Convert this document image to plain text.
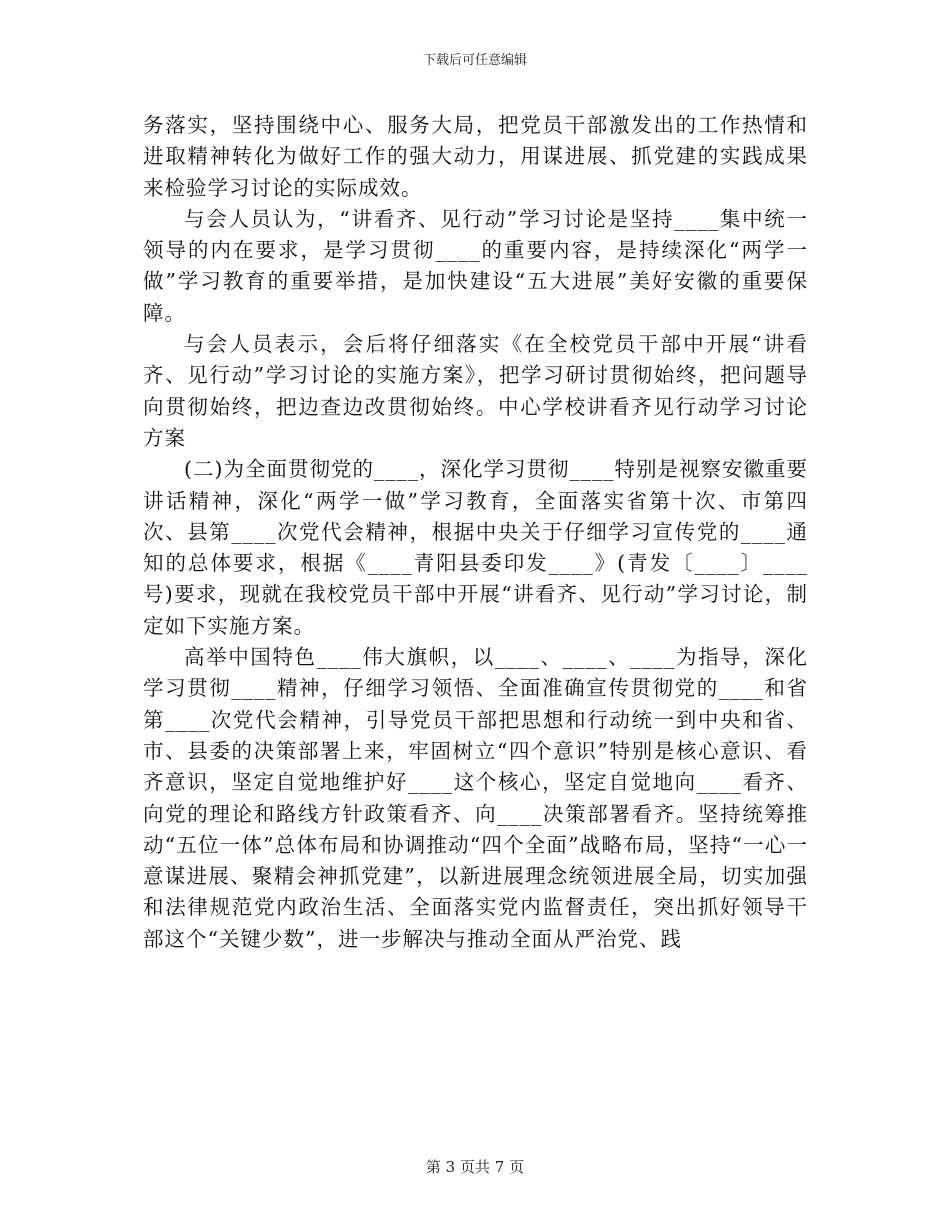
下载后可任意编辑

务落实，坚持围绕中心、服务大局，把党员干部激发出的工作热情和进取精神转化为做好工作的强大动力，用谋进展、抓党建的实践成果来检验学习讨论的实际成效。

与会人员认为，“讲看齐、见行动”学习讨论是坚持____集中统一领导的内在要求，是学习贯彻____的重要内容，是持续深化“两学一做”学习教育的重要举措，是加快建设“五大进展”美好安徽的重要保障。

与会人员表示，会后将仔细落实《在全校党员干部中开展“讲看齐、见行动”学习讨论的实施方案》，把学习研讨贯彻始终，把问题导向贯彻始终，把边查边改贯彻始终。中心学校讲看齐见行动学习讨论方案

(二)为全面贯彻党的____，深化学习贯彻____特别是视察安徽重要讲话精神，深化“两学一做”学习教育，全面落实省第十次、市第四次、县第____次党代会精神，根据中央关于仔细学习宣传党的____通知的总体要求，根据《____青阳县委印发____》(青发〔____〕____号)要求，现就在我校党员干部中开展“讲看齐、见行动”学习讨论，制定如下实施方案。

高举中国特色____伟大旗帜，以____、____、____为指导，深化学习贯彻____精神，仔细学习领悟、全面准确宣传贯彻党的____和省第____次党代会精神，引导党员干部把思想和行动统一到中央和省、市、县委的决策部署上来，牢固树立“四个意识”特别是核心意识、看齐意识，坚定自觉地维护好____这个核心，坚定自觉地向____看齐、向党的理论和路线方针政策看齐、向____决策部署看齐。坚持统筹推动“五位一体”总体布局和协调推动“四个全面”战略布局，坚持“一心一意谋进展、聚精会神抓党建”，以新进展理念统领进展全局，切实加强和法律规范党内政治生活、全面落实党内监督责任，突出抓好领导干部这个“关键少数”，进一步解决与推动全面从严治党、践

第 3 页共 7 页
